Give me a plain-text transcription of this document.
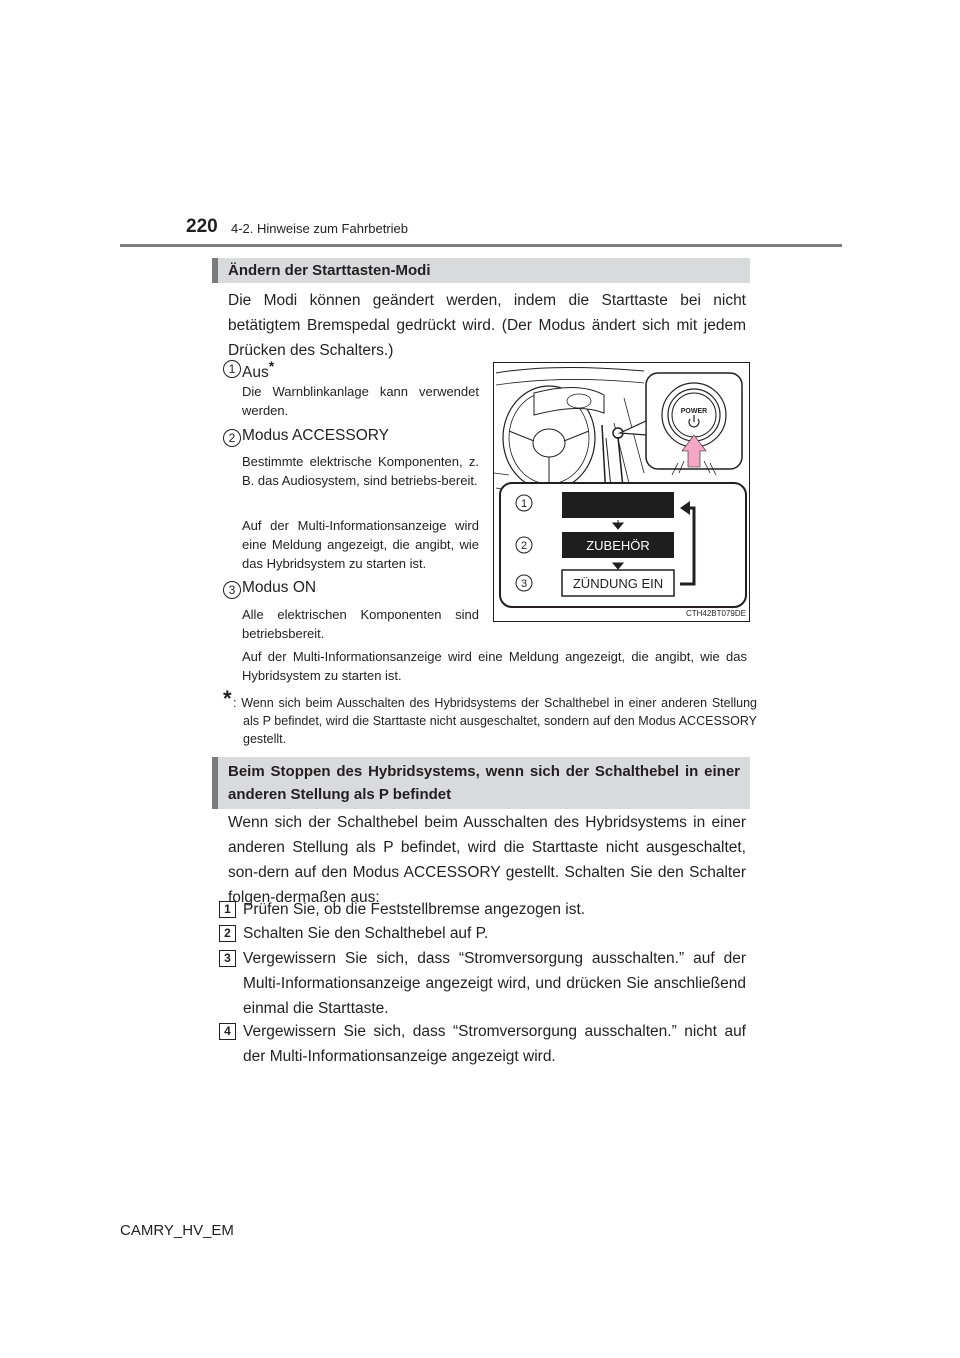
220 4-2. Hinweise zum Fahrbetrieb
Ändern der Starttasten-Modi
Die Modi können geändert werden, indem die Starttaste bei nicht betätigtem Bremspedal gedrückt wird. (Der Modus ändert sich mit jedem Drücken des Schalters.)
1 Aus*
Die Warnblinkanlage kann verwendet werden.
2 Modus ACCESSORY
Bestimmte elektrische Komponenten, z. B. das Audiosystem, sind betriebs-bereit.
Auf der Multi-Informationsanzeige wird eine Meldung angezeigt, die angibt, wie das Hybridsystem zu starten ist.
3 Modus ON
Alle elektrischen Komponenten sind betriebsbereit.
Auf der Multi-Informationsanzeige wird eine Meldung angezeigt, die angibt, wie das Hybridsystem zu starten ist.
* : Wenn sich beim Ausschalten des Hybridsystems der Schalthebel in einer anderen Stellung als P befindet, wird die Starttaste nicht ausgeschaltet, sondern auf den Modus ACCESSORY gestellt.
POWER
1
2	ZUBEHÖR
3	ZÜNDUNG EIN
CTH42BT079DE
Beim Stoppen des Hybridsystems, wenn sich der Schalthebel in einer
anderen Stellung als P befindet
Wenn sich der Schalthebel beim Ausschalten des Hybridsystems in einer anderen Stellung als P befindet, wird die Starttaste nicht ausgeschaltet, son-dern auf den Modus ACCESSORY gestellt. Schalten Sie den Schalter folgen-dermaßen aus:
1 Prüfen Sie, ob die Feststellbremse angezogen ist.
2 Schalten Sie den Schalthebel auf P.
3 Vergewissern Sie sich, dass “Stromversorgung ausschalten.” auf der Multi-Informationsanzeige angezeigt wird, und drücken Sie anschließend einmal die Starttaste.
4 Vergewissern Sie sich, dass “Stromversorgung ausschalten.” nicht auf der Multi-Informationsanzeige angezeigt wird.
CAMRY_HV_EM
